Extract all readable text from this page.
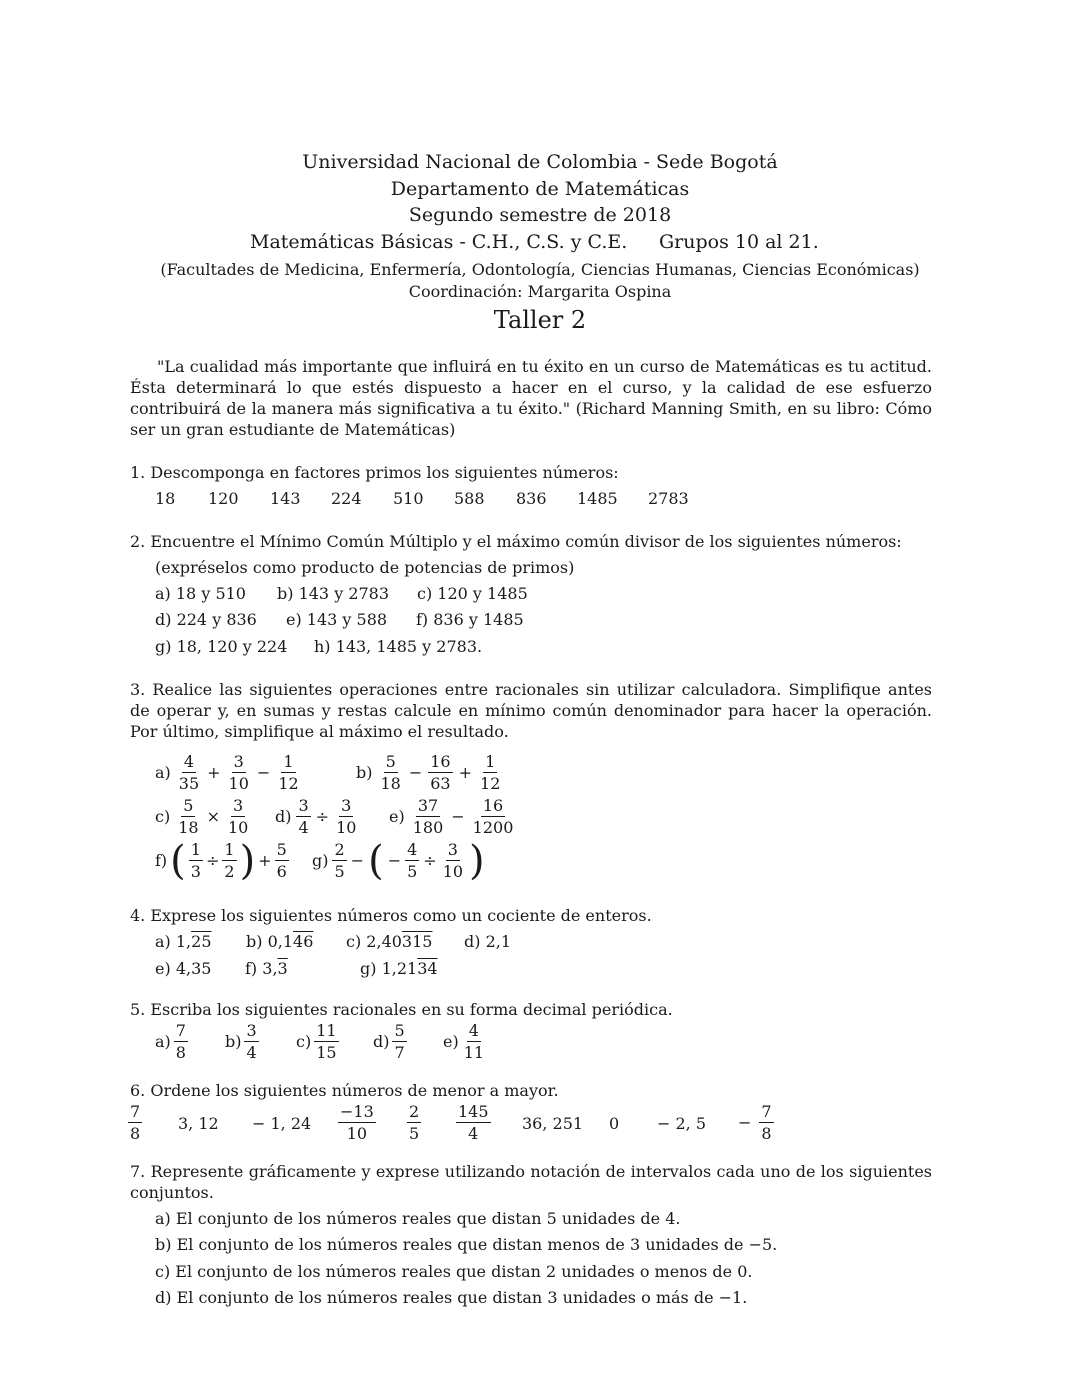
Universidad Nacional de Colombia - Sede Bogotá
Departamento de Matemáticas
Segundo semestre de 2018
Matemáticas Básicas - C.H., C.S. y C.E. Grupos 10 al 21.
(Facultades de Medicina, Enfermería, Odontología, Ciencias Humanas, Ciencias Económicas)
Coordinación: Margarita Ospina
Taller 2
"La cualidad más importante que influirá en tu éxito en un curso de Matemáticas es tu actitud. Ésta determinará lo que estés dispuesto a hacer en el curso, y la calidad de ese esfuerzo contribuirá de la manera más significativa a tu éxito." (Richard Manning Smith, en su libro: Cómo ser un gran estudiante de Matemáticas)
1. Descomponga en factores primos los siguientes números:
18 120 143 224 510 588 836 1485 2783
2. Encuentre el Mínimo Común Múltiplo y el máximo común divisor de los siguientes números:
(expréselos como producto de potencias de primos)
a) 18 y 510 b) 143 y 2783 c) 120 y 1485
d) 224 y 836 e) 143 y 588 f) 836 y 1485
g) 18, 120 y 224 h) 143, 1485 y 2783.
3. Realice las siguientes operaciones entre racionales sin utilizar calculadora. Simplifique antes de operar y, en sumas y restas calcule en mínimo común denominador para hacer la operación. Por último, simplifique al máximo el resultado.
$a) \frac{4}{35} + \frac{3}{10} - \frac{1}{12}$	$b) \frac{5}{18} - \frac{16}{63} + \frac{1}{12}$
$c) \frac{5}{18} \times \frac{3}{10} d) \frac{3}{4} \div \frac{3}{10} e) \frac{37}{180} - \frac{16}{1200}$
f) ( $\frac{1}{3} \div \frac{1}{2}$ ) + $\frac{5}{6} g) \frac{2}{5}$ − ( − $\frac{4}{5} \div \frac{3}{10}$ )
4. Exprese los siguientes números como un cociente de enteros.
a) 1,25 b) 0,146 c) 2,40315 d) 2,1
e) 4,35 f) 3,3	g) 1,2134
5. Escriba los siguientes racionales en su forma decimal periódica.
$a) \frac{7}{8} b) \frac{3}{4} c) \frac{11}{15} d) \frac{5}{7} e) \frac{4}{11}$
6. Ordene los siguientes números de menor a mayor.
$\frac{7}{8} 3$, 12 − 1, $24 \frac{-13}{10} \frac{2}{5} \frac{145}{4} 36$, 251 0 − 2, $5 - \frac{7}{8}$
7. Represente gráficamente y exprese utilizando notación de intervalos cada uno de los siguientes conjuntos.
a) El conjunto de los números reales que distan 5 unidades de 4.
b) El conjunto de los números reales que distan menos de 3 unidades de −5.
c) El conjunto de los números reales que distan 2 unidades o menos de 0.
d) El conjunto de los números reales que distan 3 unidades o más de −1.
